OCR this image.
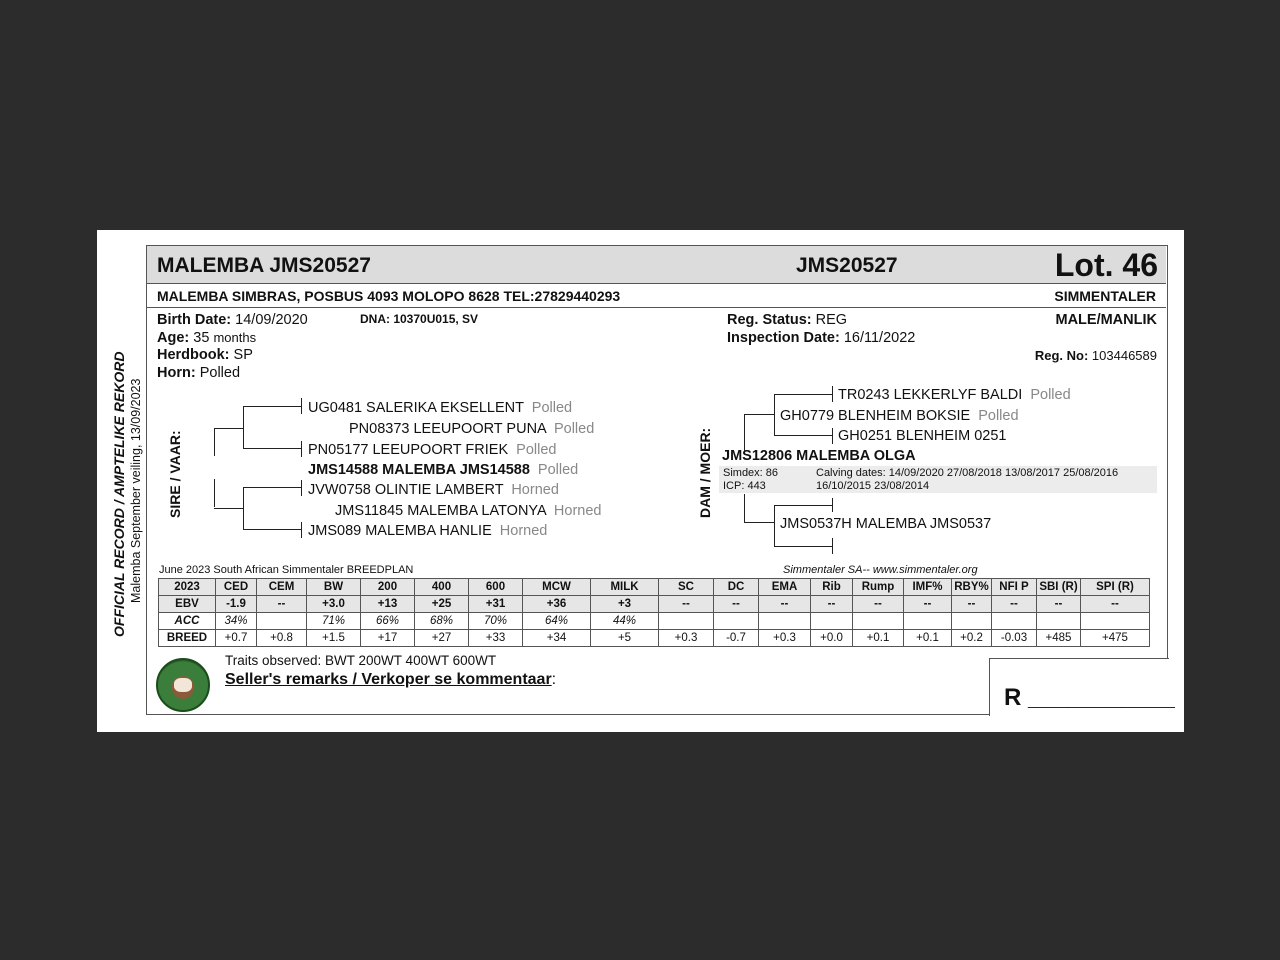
OFFICIAL RECORD / AMPTELIKE REKORD Malemba September veiling, 13/09/2023
MALEMBA JMS20527	JMS20527	Lot. 46
MALEMBA SIMBRAS, POSBUS 4093 MOLOPO 8628 TEL:27829440293	SIMMENTALER
Birth Date: 14/09/2020	DNA: 10370U015, SV
Age: 35 months
Herdbook: SP
Horn: Polled
Reg. Status: REG
Inspection Date: 16/11/2022
MALE/MANLIK
Reg. No: 103446589
SIRE / VAAR:
UG0481 SALERIKA EKSELLENT Polled
PN08373 LEEUPOORT PUNA Polled
PN05177 LEEUPOORT FRIEK Polled
JMS14588 MALEMBA JMS14588 Polled
JVW0758 OLINTIE LAMBERT Horned
JMS11845 MALEMBA LATONYA Horned
JMS089 MALEMBA HANLIE Horned
DAM / MOER:
TR0243 LEKKERLYF BALDI Polled
GH0779 BLENHEIM BOKSIE Polled
GH0251 BLENHEIM 0251
JMS12806 MALEMBA OLGA
Simdex: 86
ICP: 443
Calving dates: 14/09/2020 27/08/2018 13/08/2017 25/08/2016
16/10/2015 23/08/2014
JMS0537H MALEMBA JMS0537
June 2023 South African Simmentaler BREEDPLAN	Simmentaler SA-- www.simmentaler.org
2023	CED	CEM	BW	200	400	600	MCW	MILK	SC	DC	EMA	Rib	Rump	IMF%	RBY%	NFI P	SBI (R)	SPI (R)
EBV	-1.9	--	+3.0	+13	+25	+31	+36	+3	--	--	--	--	--	--	--	--	--	--
ACC	34%		71%	66%	68%	70%	64%	44%										
BREED	+0.7	+0.8	+1.5	+17	+27	+33	+34	+5	+0.3	-0.7	+0.3	+0.0	+0.1	+0.1	+0.2	-0.03	+485	+475
Traits observed: BWT 200WT 400WT 600WT
Seller's remarks / Verkoper se kommentaar:
R ___________
